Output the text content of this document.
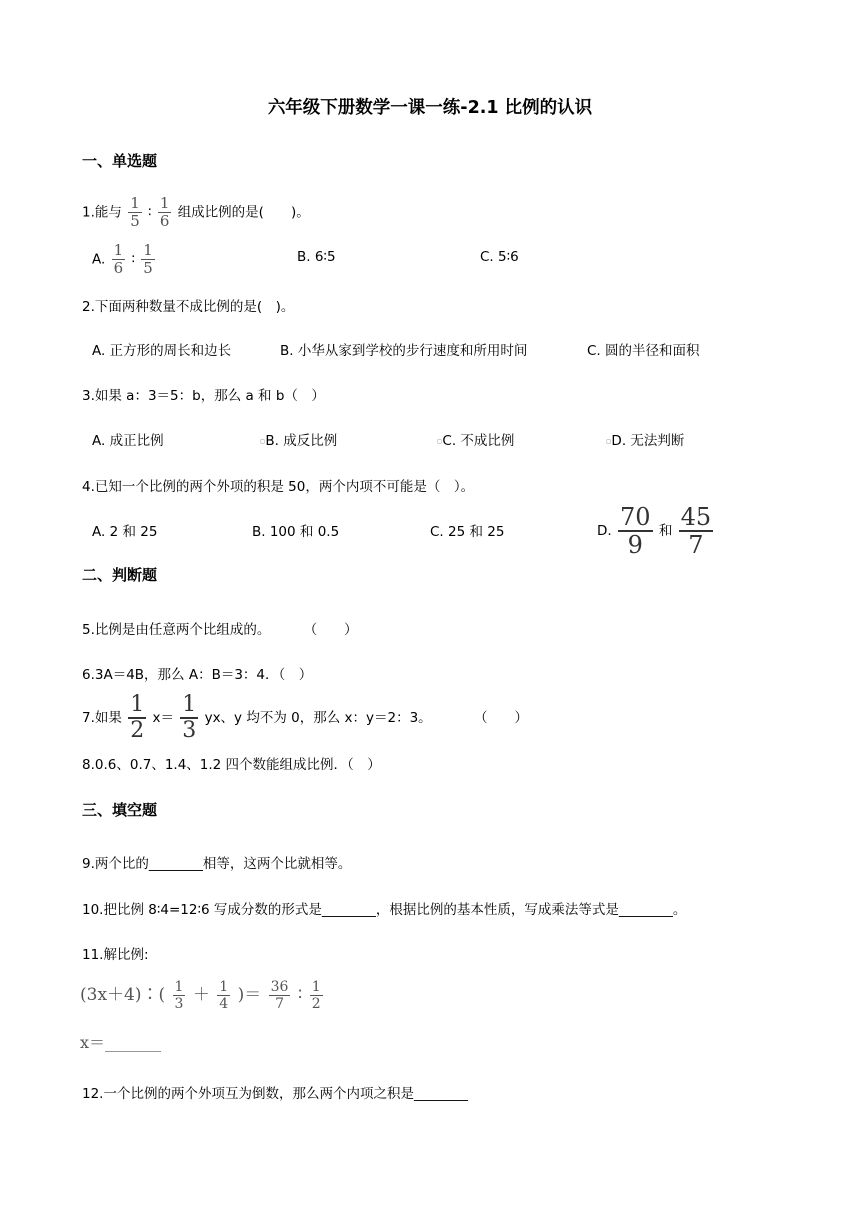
六年级下册数学一课一练-2.1 比例的认识
一、单选题
1.能与 $\frac{1}{5}$ ∶ $\frac{1}{6}$ 组成比例的是(　　)。
A. $\frac{1}{6}$ ∶ $\frac{1}{5}$	B. 6∶5	C. 5∶6
2.下面两种数量不成比例的是(　)。
A. 正方形的周长和边长	B. 小华从家到学校的步行速度和所用时间	C. 圆的半径和面积
3.如果 a：3＝5：b，那么 a 和 b（　）
A. 成正比例	▫B. 成反比例	▫C. 不成比例	▫D. 无法判断
4.已知一个比例的两个外项的积是 50，两个内项不可能是（　）。
A. 2 和 25	B. 100 和 0.5	C. 25 和 25	D. $\frac{70}{9}$ 和 $\frac{45}{7}$
二、判断题
5.比例是由任意两个比组成的。	（　　）
6.3A＝4B，那么 A：B＝3：4．（　）
7.如果 $\frac{1}{2} x= \frac{1}{3}$ yx、y 均不为 0，那么 x：y＝2：3。	（　　）
8.0.6、0.7、1.4、1.2 四个数能组成比例．（　）
三、填空题
9.两个比的________相等，这两个比就相等。
10.把比例 8∶4=12∶6 写成分数的形式是________，根据比例的基本性质，写成乘法等式是________。
11.解比例:
(3x＋4)∶( $\frac{1}{3} + \frac{1}{4}$ )＝ $\frac{36}{7}$ ∶ $\frac{1}{2}$
x＝_______
12.一个比例的两个外项互为倒数，那么两个内项之积是________
